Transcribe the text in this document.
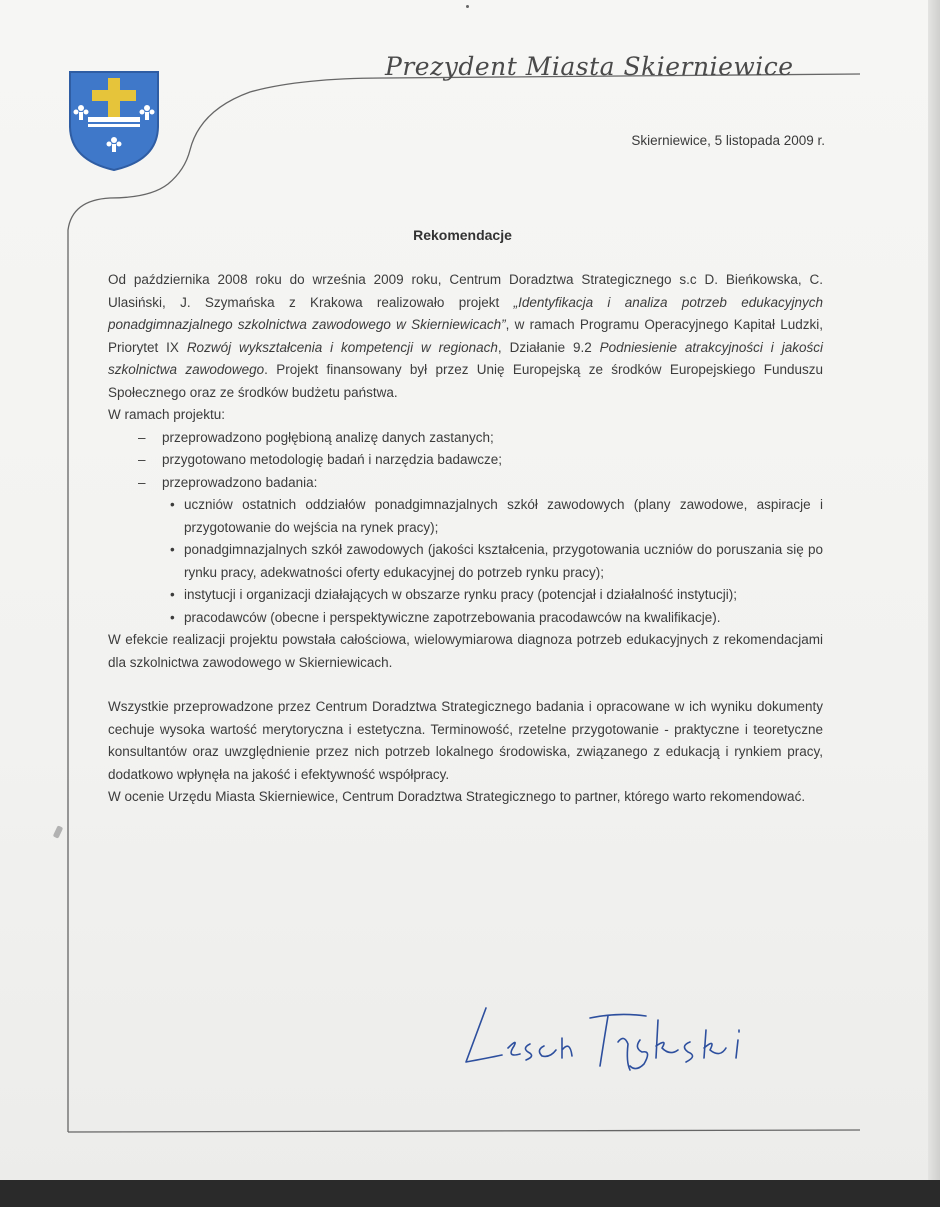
Prezydent Miasta Skierniewice
Skierniewice, 5 listopada 2009 r.
Rekomendacje

Od października 2008 roku do września 2009 roku, Centrum Doradztwa Strategicznego s.c D. Bieńkowska, C. Ulasiński, J. Szymańska z Krakowa realizowało projekt „Identyfikacja i analiza potrzeb edukacyjnych ponadgimnazjalnego szkolnictwa zawodowego w Skierniewicach”, w ramach Programu Operacyjnego Kapitał Ludzki, Priorytet IX Rozwój wykształcenia i kompetencji w regionach, Działanie 9.2 Podniesienie atrakcyjności i jakości szkolnictwa zawodowego. Projekt finansowany był przez Unię Europejską ze środków Europejskiego Funduszu Społecznego oraz ze środków budżetu państwa.

W ramach projektu:

– przeprowadzono pogłębioną analizę danych zastanych;
– przygotowano metodologię badań i narzędzia badawcze;
– przeprowadzono badania:
• uczniów ostatnich oddziałów ponadgimnazjalnych szkół zawodowych (plany zawodowe, aspiracje i przygotowanie do wejścia na rynek pracy);
• ponadgimnazjalnych szkół zawodowych (jakości kształcenia, przygotowania uczniów do poruszania się po rynku pracy, adekwatności oferty edukacyjnej do potrzeb rynku pracy);
• instytucji i organizacji działających w obszarze rynku pracy (potencjał i działalność instytucji);
• pracodawców (obecne i perspektywiczne zapotrzebowania pracodawców na kwalifikacje).

W efekcie realizacji projektu powstała całościowa, wielowymiarowa diagnoza potrzeb edukacyjnych z rekomendacjami dla szkolnictwa zawodowego w Skierniewicach.

Wszystkie przeprowadzone przez Centrum Doradztwa Strategicznego badania i opracowane w ich wyniku dokumenty cechuje wysoka wartość merytoryczna i estetyczna. Terminowość, rzetelne przygotowanie - praktyczne i teoretyczne konsultantów oraz uwzględnienie przez nich potrzeb lokalnego środowiska, związanego z edukacją i rynkiem pracy, dodatkowo wpłynęła na jakość i efektywność współpracy.

W ocenie Urzędu Miasta Skierniewice, Centrum Doradztwa Strategicznego to partner, którego warto rekomendować.
